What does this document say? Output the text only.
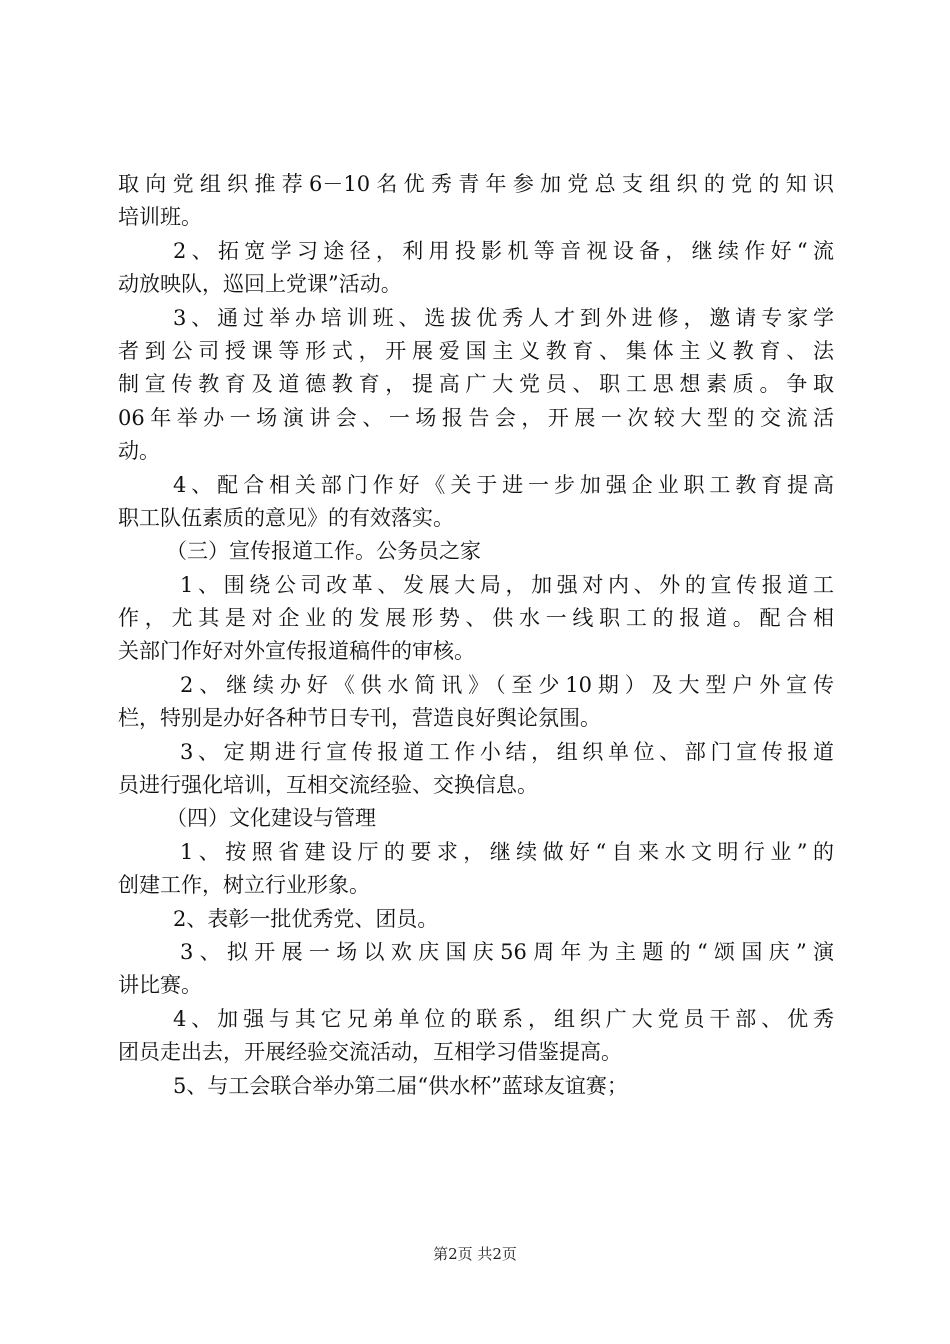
取向党组织推荐6－10名优秀青年参加党总支组织的党的知识
培训班。
2、拓宽学习途径，利用投影机等音视设备，继续作好“流
动放映队，巡回上党课”活动。
3、通过举办培训班、选拔优秀人才到外进修，邀请专家学
者到公司授课等形式，开展爱国主义教育、集体主义教育、法
制宣传教育及道德教育，提高广大党员、职工思想素质。争取
06年举办一场演讲会、一场报告会，开展一次较大型的交流活
动。
4、配合相关部门作好《关于进一步加强企业职工教育提高
职工队伍素质的意见》的有效落实。
（三）宣传报道工作。公务员之家
1、围绕公司改革、发展大局，加强对内、外的宣传报道工
作，尤其是对企业的发展形势、供水一线职工的报道。配合相
关部门作好对外宣传报道稿件的审核。
2、继续办好《供水简讯》（至少10期）及大型户外宣传
栏，特别是办好各种节日专刊，营造良好舆论氛围。
3、定期进行宣传报道工作小结，组织单位、部门宣传报道
员进行强化培训，互相交流经验、交换信息。
（四）文化建设与管理
1、按照省建设厅的要求，继续做好“自来水文明行业”的
创建工作，树立行业形象。
2、表彰一批优秀党、团员。
3、拟开展一场以欢庆国庆56周年为主题的“颂国庆”演
讲比赛。
4、加强与其它兄弟单位的联系，组织广大党员干部、优秀
团员走出去，开展经验交流活动，互相学习借鉴提高。
5、与工会联合举办第二届“供水杯”蓝球友谊赛；
第2页 共2页
